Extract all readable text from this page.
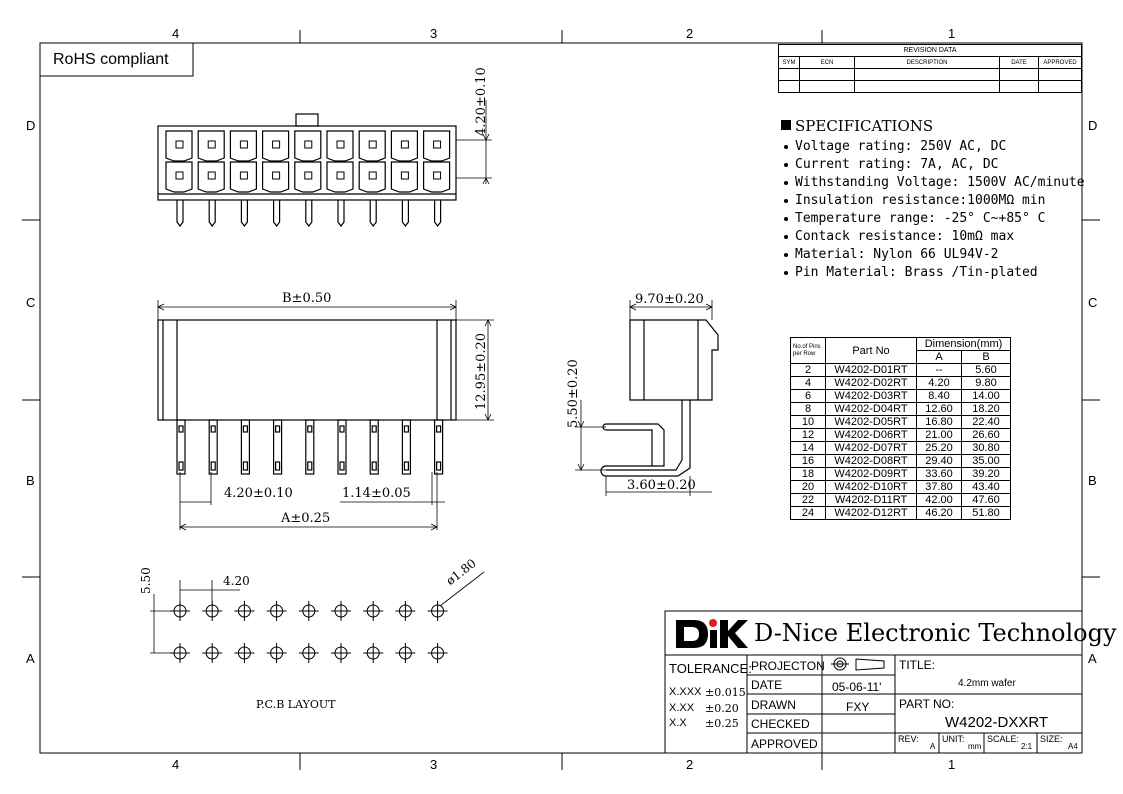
4	3	2	1
4	3	2	1
D
C
B
A
D
C
B
A
RoHS compliant
REVISION DATA				
SYM	ECN	DESCRIPTION	DATE	APPROVED

SPECIFICATIONS
Voltage rating: 250V AC, DC
Current rating: 7A, AC, DC
Withstanding Voltage: 1500V AC/minute
Insulation resistance:1000MΩ min
Temperature range: -25° C~+85° C
Contack resistance: 10mΩ max
Material: Nylon 66 UL94V-2
Pin Material: Brass /Tin-plated
4.20±0.10
B±0.50
12.95±0.20
4.20±0.10	1.14±0.05
A±0.25
9.70±0.20
5.50±0.20
3.60±0.20
5.50	4.20	ø1.80
P.C.B LAYOUT
No.of Pins per Row	Part No	Dimension(mm)	
		A	B
2	W4202-D01RT	--	5.60
4	W4202-D02RT	4.20	9.80
6	W4202-D03RT	8.40	14.00
8	W4202-D04RT	12.60	18.20
10	W4202-D05RT	16.80	22.40
12	W4202-D06RT	21.00	26.60
14	W4202-D07RT	25.20	30.80
16	W4202-D08RT	29.40	35.00
18	W4202-D09RT	33.60	39.20
20	W4202-D10RT	37.80	43.40
22	W4202-D11RT	42.00	47.60
24	W4202-D12RT	46.20	51.80
D-Nice Electronic Technology
TOLERANCE:
X.XXX ±0.015
X.XX ±0.20
X.X ±0.25
PROJECTON
DATE	05-06-11'
DRAWN	FXY
CHECKED
APPROVED
TITLE:
4.2mm wafer
PART NO:
W4202-DXXRT
REV:
A
UNIT:
mm
SCALE:
2:1
SIZE:
A4
